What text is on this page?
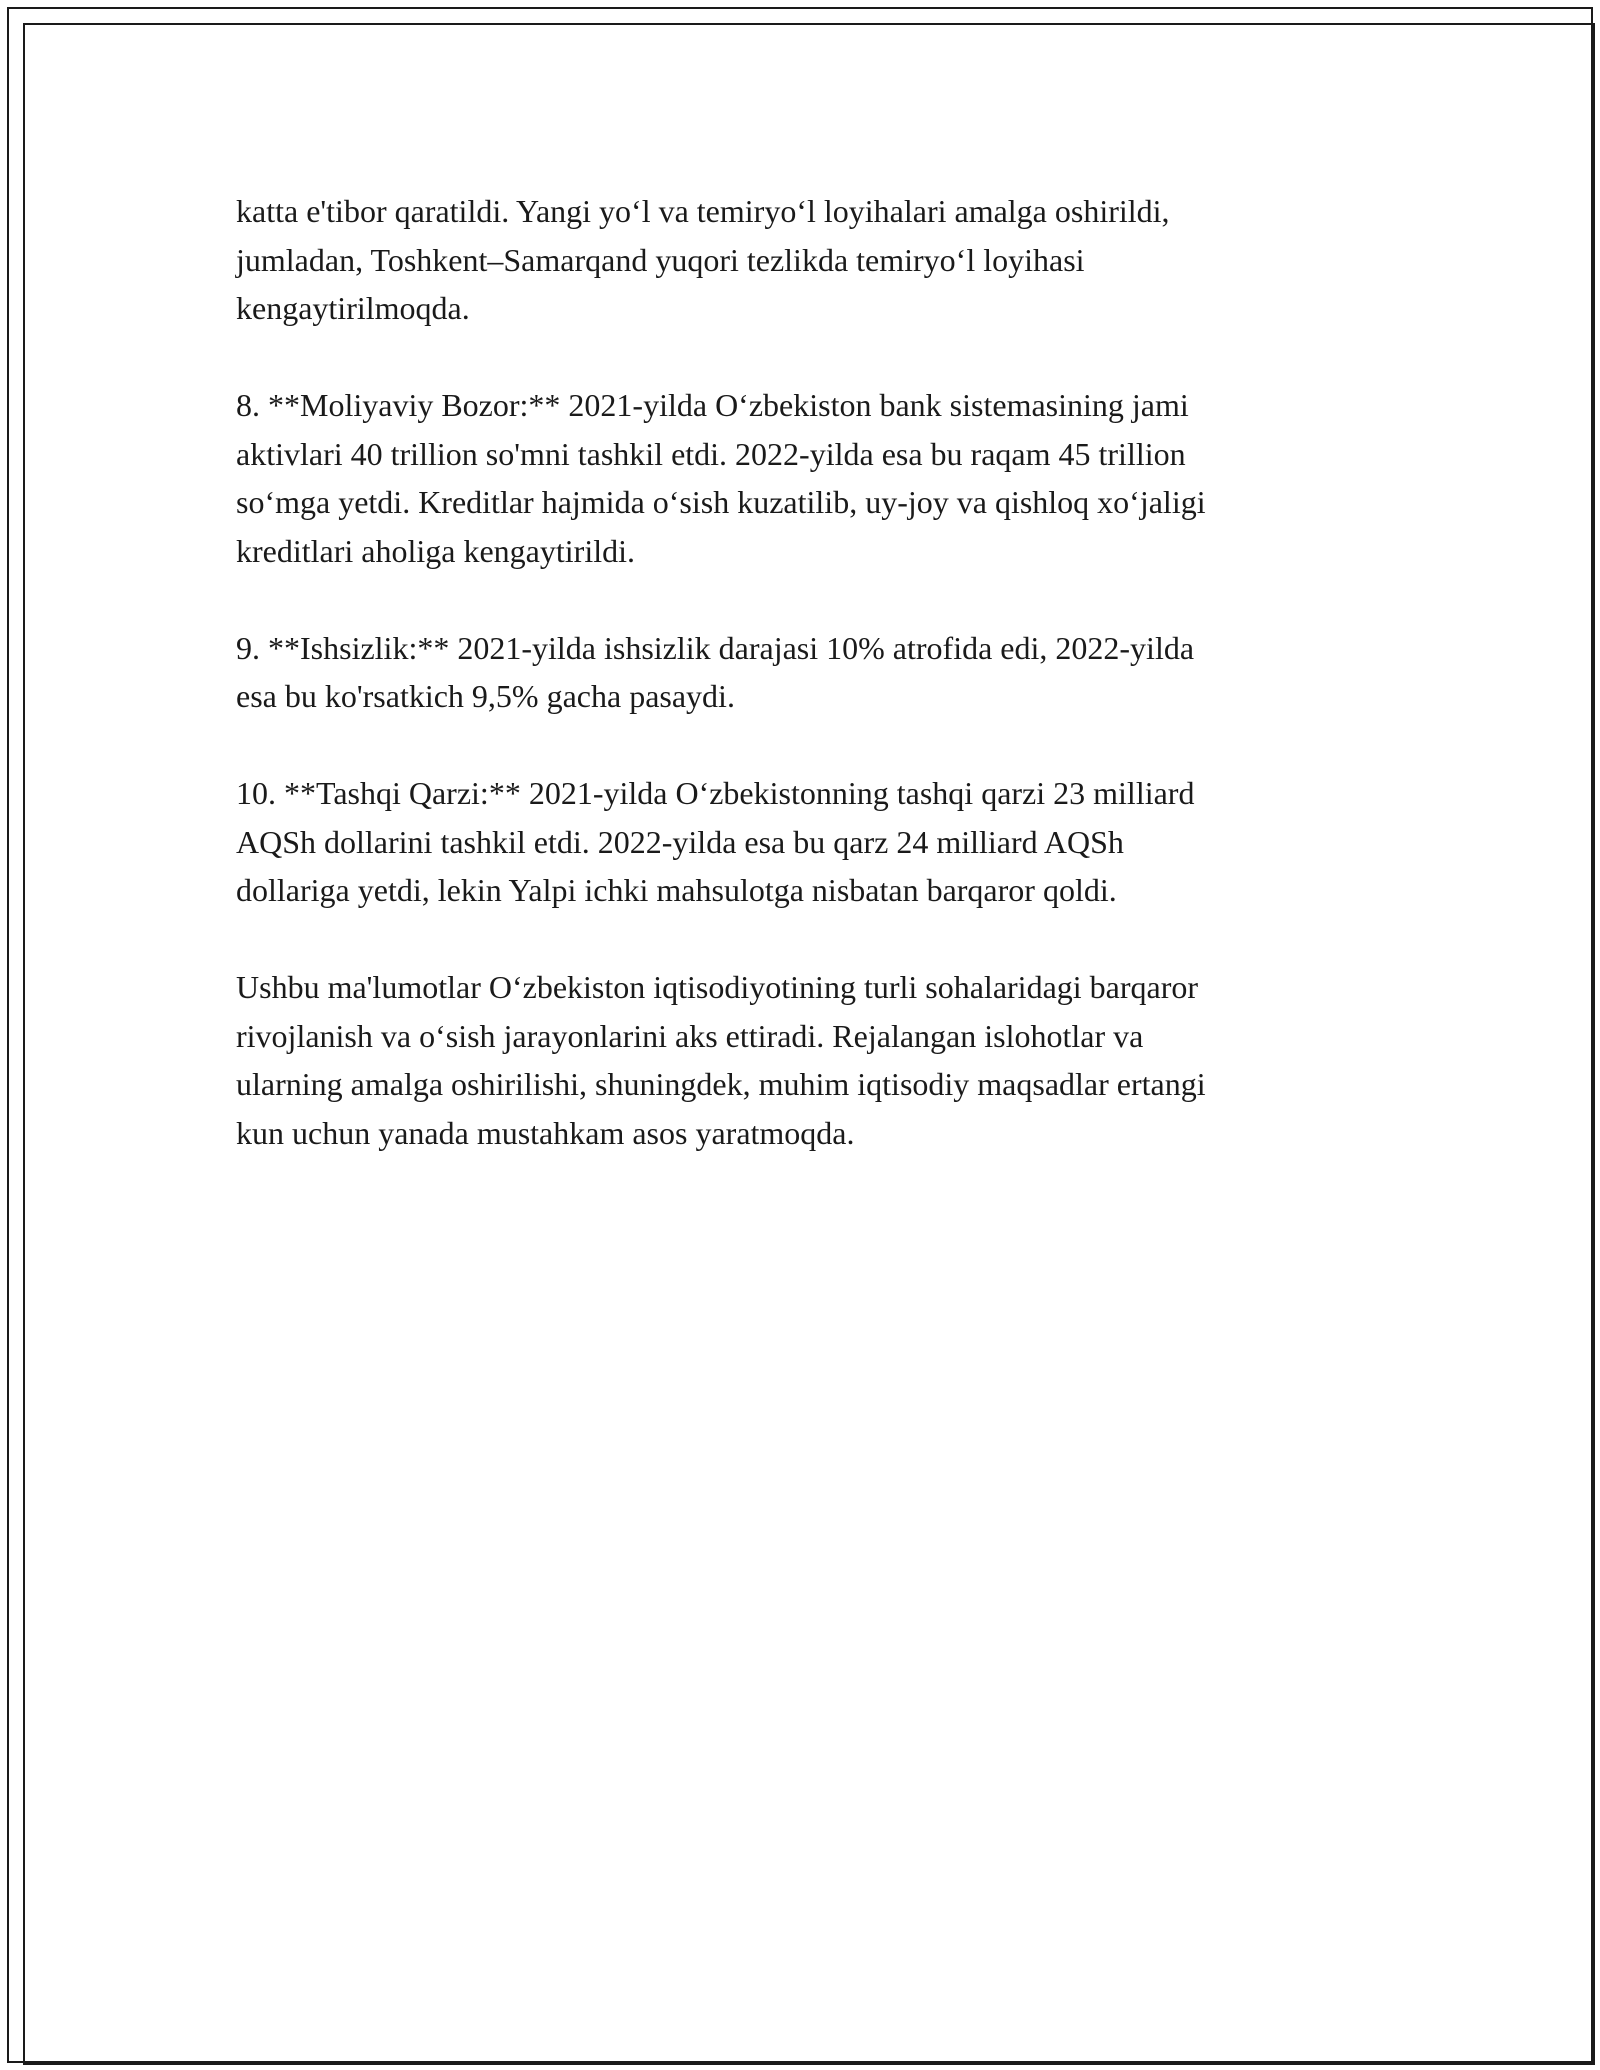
katta e'tibor qaratildi. Yangi yo‘l va temiryo‘l loyihalari amalga oshirildi,
jumladan, Toshkent–Samarqand yuqori tezlikda temiryo‘l loyihasi
kengaytirilmoqda.

8. **Moliyaviy Bozor:** 2021-yilda O‘zbekiston bank sistemasining jami
aktivlari 40 trillion so'mni tashkil etdi. 2022-yilda esa bu raqam 45 trillion
so‘mga yetdi. Kreditlar hajmida o‘sish kuzatilib, uy-joy va qishloq xo‘jaligi
kreditlari aholiga kengaytirildi.

9. **Ishsizlik:** 2021-yilda ishsizlik darajasi 10% atrofida edi, 2022-yilda
esa bu ko'rsatkich 9,5% gacha pasaydi.

10. **Tashqi Qarzi:** 2021-yilda O‘zbekistonning tashqi qarzi 23 milliard
AQSh dollarini tashkil etdi. 2022-yilda esa bu qarz 24 milliard AQSh
dollariga yetdi, lekin Yalpi ichki mahsulotga nisbatan barqaror qoldi.

Ushbu ma'lumotlar O‘zbekiston iqtisodiyotining turli sohalaridagi barqaror
rivojlanish va o‘sish jarayonlarini aks ettiradi. Rejalangan islohotlar va
ularning amalga oshirilishi, shuningdek, muhim iqtisodiy maqsadlar ertangi
kun uchun yanada mustahkam asos yaratmoqda.
